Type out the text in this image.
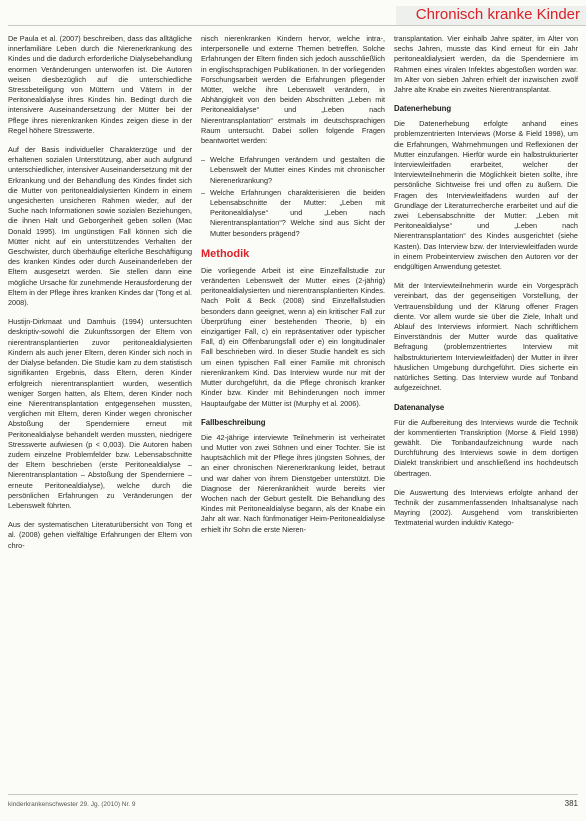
Chronisch kranke Kinder

De Paula et al. (2007) beschreiben, dass das alltägliche innerfamiliäre Leben durch die Nierenerkrankung des Kindes und die dadurch erforderliche Dialysebehandlung enormen Veränderungen unterworfen ist. Die Autoren weisen diesbezüglich auf die unterschiedliche Stressbeteiligung von Müttern und Vätern in der Peritonealdialyse ihres Kindes hin. Bedingt durch die intensivere Auseinandersetzung der Mütter bei der Pflege ihres nierenkranken Kindes zeigen diese in der Regel höhere Stresswerte.

Auf der Basis individueller Charakterzüge und der erhaltenen sozialen Unterstützung, aber auch aufgrund unterschiedlicher, intensiver Auseinandersetzung mit der Erkrankung und der Behandlung des Kindes findet sich die Mutter von peritonealdialysierten Kindern in einem ungesicherten unsicheren Rahmen wieder, auf der Suche nach Informationen sowie sozialen Beziehungen, die ihnen Halt und Geborgenheit geben sollen (Mac Donald 1995). Im ungünstigen Fall können sich die Mütter nicht auf ein unterstützendes Verhalten der Geschwister, durch überhäufige elterliche Beschäftigung des kranken Kindes oder durch Auseinanderleben der Eltern ausgesetzt werden. Sie stellen dann eine mögliche Ursache für zunehmende Herausforderung der Eltern in der Pflege ihres kranken Kindes dar (Tong et al. 2008).

Hustijn-Dirkmaat und Damhuis (1994) untersuchten deskriptiv-sowohl die Zukunftssorgen der Eltern von nierentransplantierten zuvor peritonealdialysierten Kindern als auch jener Eltern, deren Kinder sich noch in der Dialyse befanden. Die Studie kam zu dem statistisch signifikanten Ergebnis, dass Eltern, deren Kinder erfolgreich nierentransplantiert wurden, wesentlich weniger Sorgen hatten, als Eltern, deren Kinder noch eine Nierentransplantation entgegensehen mussten, verglichen mit Eltern, deren Kinder wegen chronischer Abstoßung der Spenderniere erneut mit Peritonealdialyse behandelt werden mussten, niedrigere Stresswerte aufwiesen (p < 0,003). Die Autoren haben zudem einzelne Problemfelder bzw. Lebensabschnitte der Eltern beschrieben (erste Peritonealdialyse – Nierentransplantation – Abstoßung der Spenderniere – erneute Peritonealdialyse), welche durch die persönlichen Erfahrungen zu Veränderungen der Lebenswelt führten.

Aus der systematischen Literaturübersicht von Tong et al. (2008) gehen vielfältige Erfahrungen der Eltern von chro-

nisch nierenkranken Kindern hervor, welche intra-, interpersonelle und externe Themen betreffen. Solche Erfahrungen der Eltern finden sich jedoch ausschließlich in englischsprachigen Publikationen. In der vorliegenden Forschungsarbeit werden die Erfahrungen pflegender Mütter, welche ihre Lebenswelt verändern, in Abhängigkeit von den beiden Abschnitten „Leben mit Peritonealdialyse“ und „Leben nach Nierentransplantation“ erstmals im deutschsprachigen Raum untersucht. Dabei sollen folgende Fragen beantwortet werden:

– Welche Erfahrungen verändern und gestalten die Lebenswelt der Mutter eines Kindes mit chronischer Nierenerkrankung?
– Welche Erfahrungen charakterisieren die beiden Lebensabschnitte der Mutter: „Leben mit Peritonealdialyse“ und „Leben nach Nierentransplantation“? Welche sind aus Sicht der Mutter besonders prägend?
Methodik

Die vorliegende Arbeit ist eine Einzelfallstudie zur veränderten Lebenswelt der Mutter eines (2-jährig) peritonealdialysierten und nierentransplantierten Kindes. Nach Polit & Beck (2008) sind Einzelfallstudien besonders dann geeignet, wenn a) ein kritischer Fall zur Überprüfung einer bestehenden Theorie, b) ein einzigartiger Fall, c) ein repräsentativer oder typischer Fall, d) ein Offenbarungsfall oder e) ein longitudinaler Fall beschrieben wird. In dieser Studie handelt es sich um einen typischen Fall einer Familie mit chronisch nierenkrankem Kind. Das Interview wurde nur mit der Mutter durchgeführt, da die Pflege chronisch kranker Kinder bzw. Kinder mit Behinderungen noch immer Hauptaufgabe der Mütter ist (Murphy et al. 2006).

Fallbeschreibung

Die 42-jährige interviewte Teilnehmerin ist verheiratet und Mutter von zwei Söhnen und einer Tochter. Sie ist hauptsächlich mit der Pflege ihres jüngsten Sohnes, der an einer chronischen Nierenerkrankung leidet, betraut und war daher von ihrem Dienstgeber unterstützt. Die Diagnose der Nierenkrankheit wurde bereits vier Wochen nach der Geburt gestellt. Die Behandlung des Kindes mit Peritonealdialyse begann, als der Knabe ein Jahr alt war. Nach fünfmonatiger Heim-Peritonealdialyse erhielt ihr Sohn die erste Nieren-

transplantation. Vier einhalb Jahre später, im Alter von sechs Jahren, musste das Kind erneut für ein Jahr peritonealdialysiert werden, da die Spenderniere im Rahmen eines viralen Infektes abgestoßen worden war. Im Alter von sieben Jahren erhielt der inzwischen zwölf Jahre alte Knabe ein zweites Nierentransplantat.

Datenerhebung

Die Datenerhebung erfolgte anhand eines problemzentrierten Interviews (Morse & Field 1998), um die Erfahrungen, Wahrnehmungen und Reflexionen der Mutter einzufangen. Hierfür wurde ein halbstrukturierter Interviewleitfaden erarbeitet, welcher der Interviewteilnehmerin die Möglichkeit bieten sollte, ihre persönliche Sichtweise frei und offen zu äußern. Die Fragen des Interviewleitfadens wurden auf der Grundlage der Literaturrecherche erarbeitet und auf die zwei Lebensabschnitte der Mutter: „Leben mit Peritonealdialyse“ und „Leben nach Nierentransplantation“ des Kindes ausgerichtet (siehe Kasten). Das Interview bzw. der Interviewleitfaden wurde in einem Probeinterview zwischen den Autoren vor der endgültigen Anwendung getestet.

Mit der Interviewteilnehmerin wurde ein Vorgespräch vereinbart, das der gegenseitigen Vorstellung, der Vertrauensbildung und der Klärung offener Fragen diente. Vor allem wurde sie über die Ziele, Inhalt und Ablauf des Interviews informiert. Nach schriftlichem Einverständnis der Mutter wurde das qualitative Befragung (problemzentriertes Interview mit halbstrukturiertem Interviewleitfaden) der Mutter in ihrer häuslichen Umgebung durchgeführt. Dies sicherte ein natürliches Setting. Das Interview wurde auf Tonband aufgezeichnet.

Datenanalyse

Für die Aufbereitung des Interviews wurde die Technik der kommentierten Transkription (Morse & Field 1998) gewählt. Die Tonbandaufzeichnung wurde nach Durchführung des Interviews sowie in dem dortigen Dialekt transkribiert und anschließend ins hochdeutsch übertragen.

Die Auswertung des Interviews erfolgte anhand der Technik der zusammenfassenden Inhaltsanalyse nach Mayring (2002). Ausgehend vom transkribierten Textmaterial wurden induktiv Katego-

kinderkrankenschwester 29. Jg. (2010) Nr. 9	381
